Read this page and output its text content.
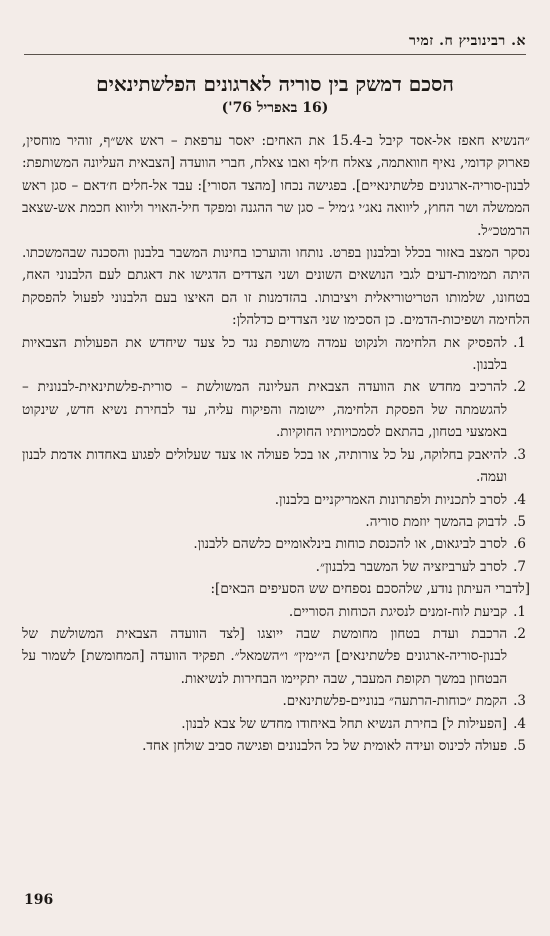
א. רבינוביץ ח. זמיר
הסכם דמשק בין סוריה לארגונים הפלשתינאים
(16 באפריל 76')

״הנשיא חאפז אל-אסד קיבל ב-15.4 את האחים: יאסר ערפאת – ראש אש״ף, זוהיר מוחסין, פארוק קדומי, נאיף חוואתמה, צאלח ח׳לף ואבו צאלח, חברי הוועדה [הצבאית העליונה המשותפת: לבנון-סוריה-ארגונים פלשתינאיים]. בפגישה נכחו [מהצד הסורי]: עבד אל-חלים ח׳דאם – סגן ראש הממשלה ושר החוץ, ליוואה נאג׳י ג׳מיל – סגן שר ההגנה ומפקד חיל-האויר וליווא חכמת אש-שצאב הרמטכ״ל.

נסקר המצב באזור בכלל ובלבנון בפרט. נותחו והוערכו בחינות המשבר בלבנון והסכנה שבהמשכתו. היתה תמימות-דעים לגבי הנושאים השונים ושני הצדדים הדגישו את דאגתם לעם הלבנוני האח, בטחונו, שלמותו הטריטוריאלית ויציבותו. בהזדמנות זו הם האיצו בעם הלבנוני לפעול להפסקת הלחימה ושפיכות-הדמים. כן הסכימו שני הצדדים כדלהלן:

1.
להפסיק את הלחימה ולנקוט עמדה משותפת נגד כל צעד שיחדש את הפעולות הצבאיות בלבנון.
2.
להרכיב מחדש את הוועדה הצבאית העליונה המשולשת – סורית-פלשתינאית-לבנונית – להגשמתה של הפסקת הלחימה, יישומה והפיקוח עליה, עד לבחירת נשיא חדש, שינקוט באמצעי בטחון, בהתאם לסמכויותיו החוקיות.
3.
להיאבק בחלוקה, על כל צורותיה, או בכל פעולה או צעד שעלולים לפגוע באחדות אדמת לבנון ועמה.
4.
לסרב לתכניות ולפתרונות האמריקניים בלבנון.
5.
לדבוק בהמשך יוזמת סוריה.
6.
לסרב לביגאום, או להכנסת כוחות בינלאומיים כלשהם ללבנון.
7.
לסרב לערביזציה של המשבר בלבנון״.

[לדברי העיתון נודע, שלהסכם נספחים שש הסעיפים הבאים]:

1.
קביעת לוח-זמנים לנסיגת הכוחות הסוריים.
2.
הרכבת ועדת בטחון מחומשת שבה ייוצגו [לצד הוועדה הצבאית המשולשת של לבנון-סוריה-ארגונים פלשתינאים] ה״ימין״ ו״השמאל״. תפקיד הוועדה [המחומשת] לשמור על הבטחון במשך תקופת המעבר, שבה יתקיימו הבחירות לנשיאות.
3.
הקמת ״כוחות-הרתעה״ בנוניים-פלשתינאים.
4.
[הפעילות ל] בחירת הנשיא תחל באיחודו מחדש של צבא לבנון.
5.
פעולה לכינוס ועידה לאומית של כל הלבנונים ופגישה סביב שולחן אחד.
196
